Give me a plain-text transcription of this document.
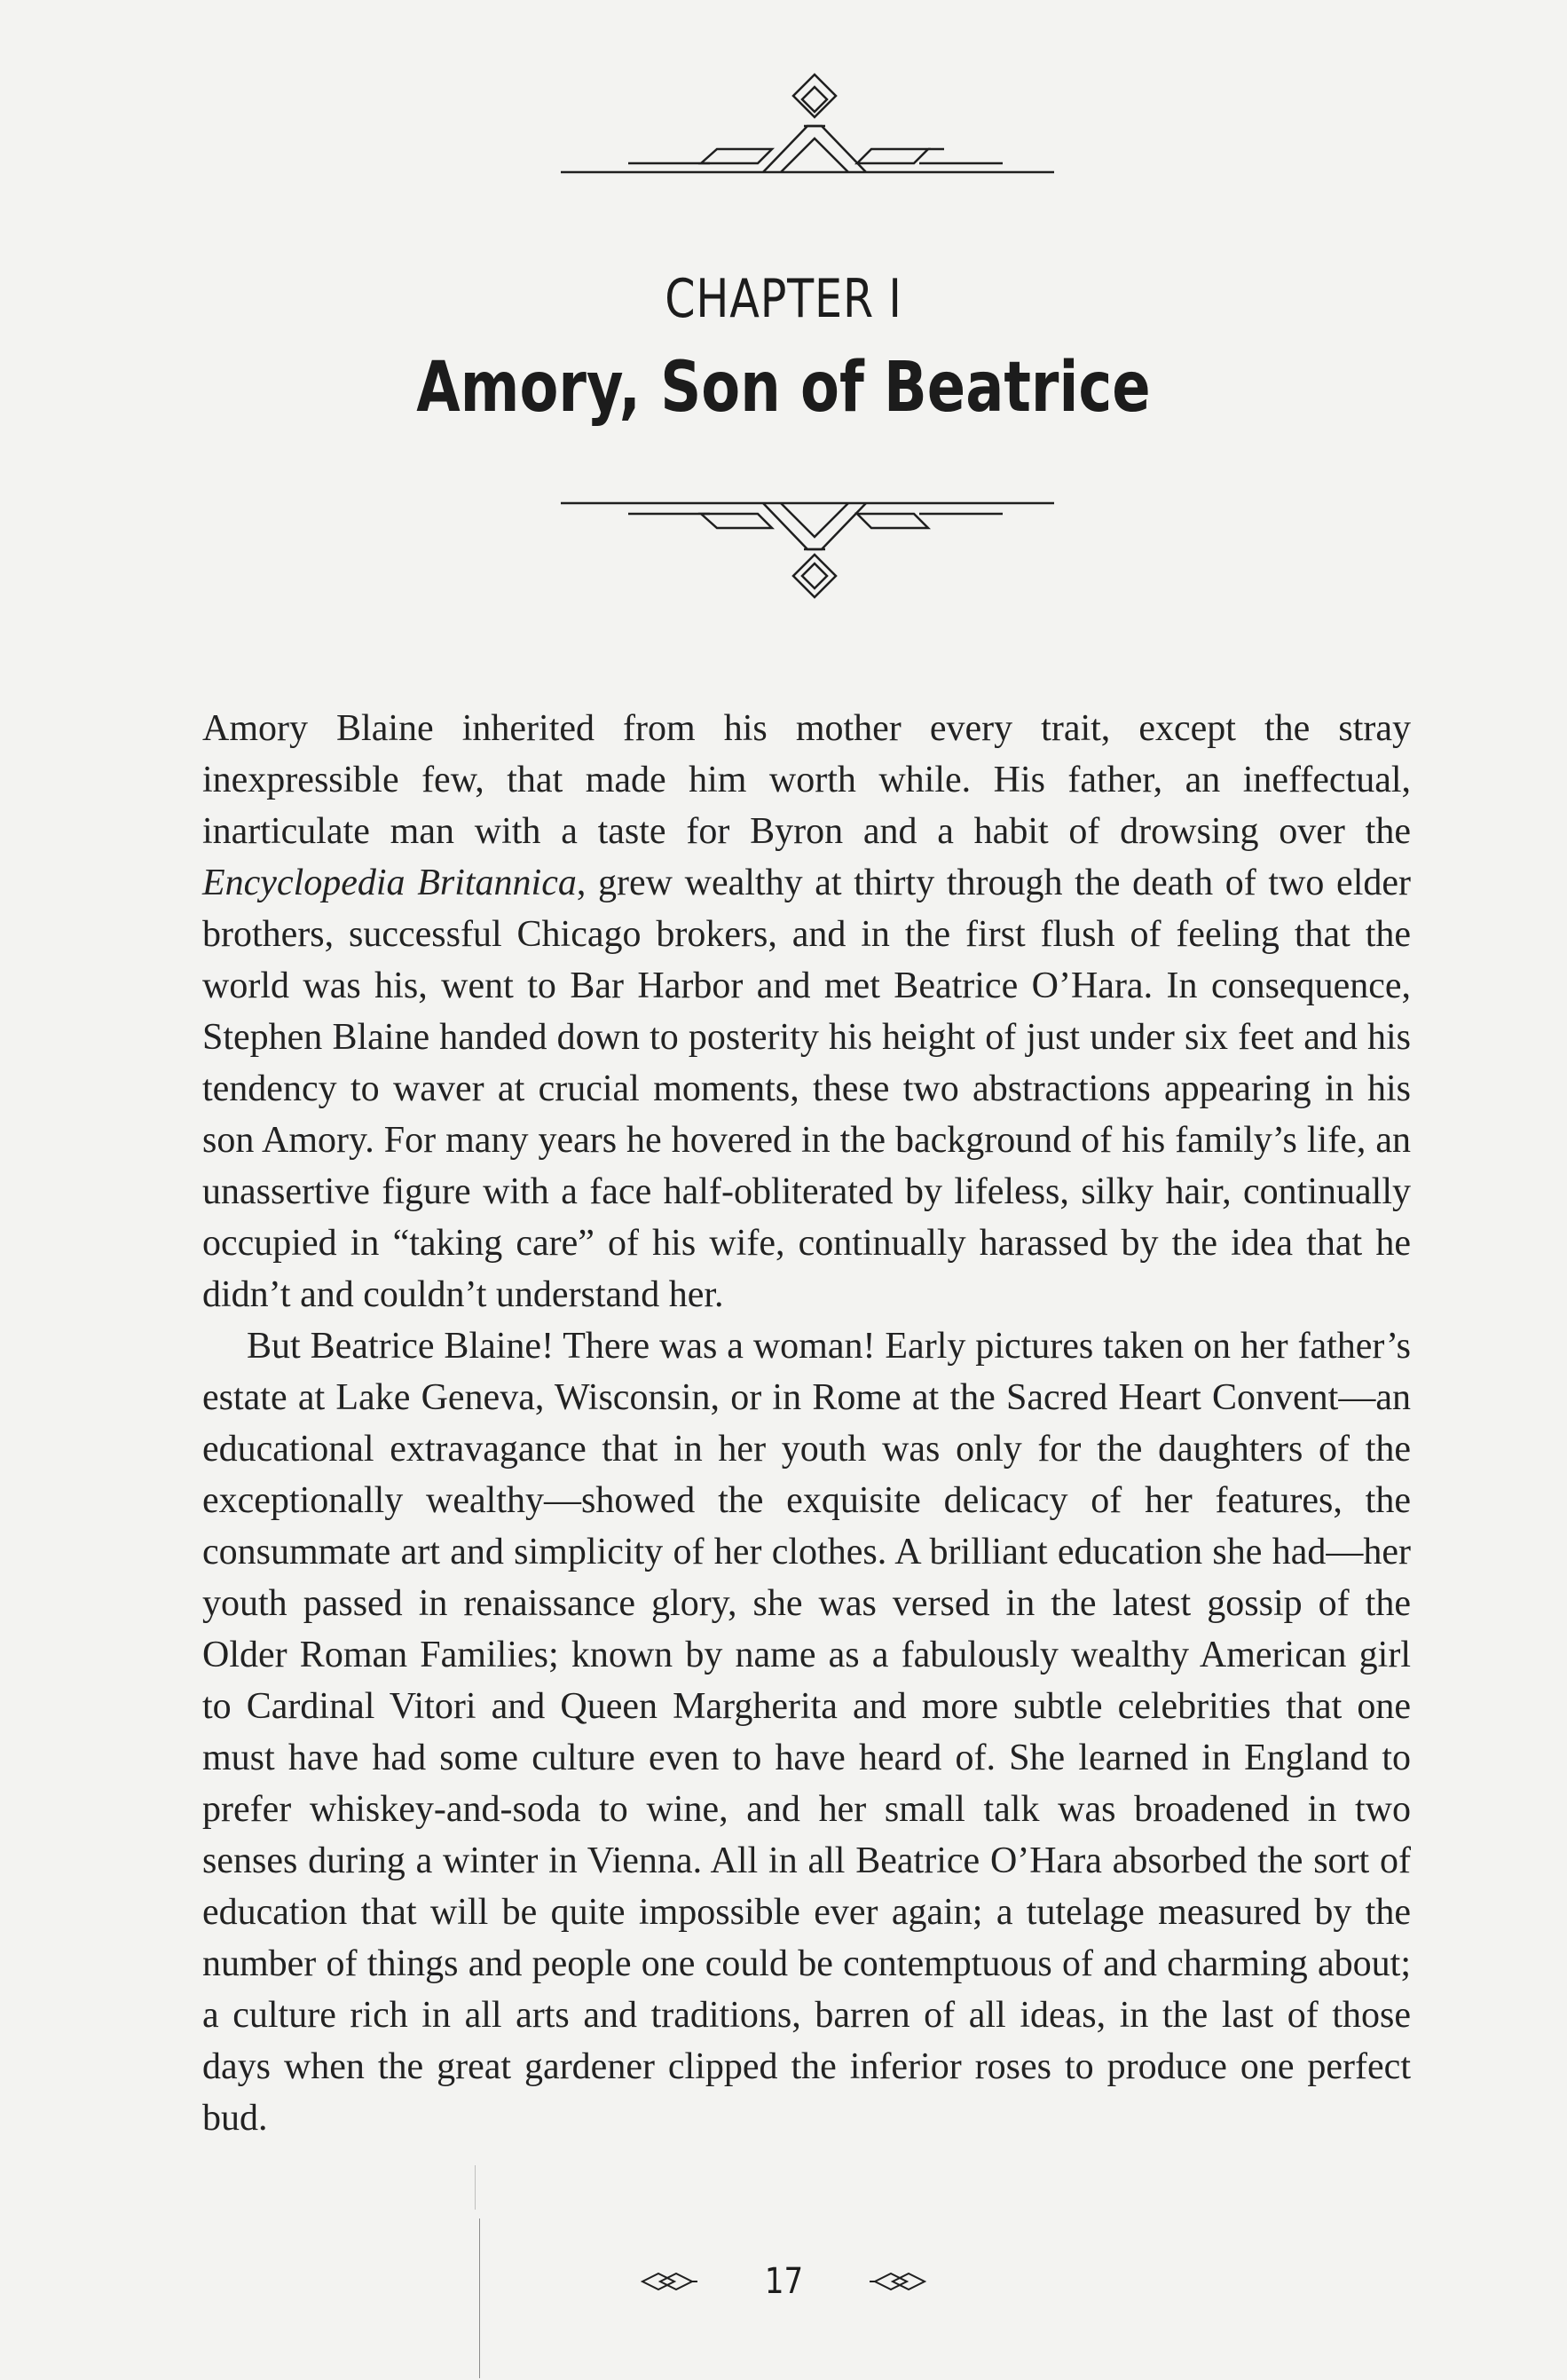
CHAPTER I
Amory, Son of Beatrice

Amory Blaine inherited from his mother every trait, except the stray inexpressible few, that made him worth while. His father, an ineffectual, inarticulate man with a taste for Byron and a habit of drowsing over the Encyclopedia Britannica, grew wealthy at thirty through the death of two elder brothers, successful Chicago brokers, and in the first flush of feeling that the world was his, went to Bar Harbor and met Beatrice O’Hara. In consequence, Stephen Blaine handed down to posterity his height of just under six feet and his tendency to waver at crucial moments, these two abstractions appearing in his son Amory. For many years he hovered in the background of his family’s life, an unassertive figure with a face half-obliterated by lifeless, silky hair, continually occupied in “taking care” of his wife, continually harassed by the idea that he didn’t and couldn’t understand her.

But Beatrice Blaine! There was a woman! Early pictures taken on her father’s estate at Lake Geneva, Wisconsin, or in Rome at the Sacred Heart Convent—an educational extravagance that in her youth was only for the daughters of the exceptionally wealthy—showed the exquisite delicacy of her features, the consummate art and simplicity of her clothes. A brilliant education she had—her youth passed in renaissance glory, she was versed in the latest gossip of the Older Roman Families; known by name as a fabulously wealthy American girl to Cardinal Vitori and Queen Margherita and more subtle celebrities that one must have had some culture even to have heard of. She learned in England to prefer whiskey-and-soda to wine, and her small talk was broadened in two senses during a winter in Vienna. All in all Beatrice O’Hara absorbed the sort of education that will be quite impossible ever again; a tutelage measured by the number of things and people one could be contemptuous of and charming about; a culture rich in all arts and traditions, barren of all ideas, in the last of those days when the great gardener clipped the inferior roses to produce one perfect bud.

17
